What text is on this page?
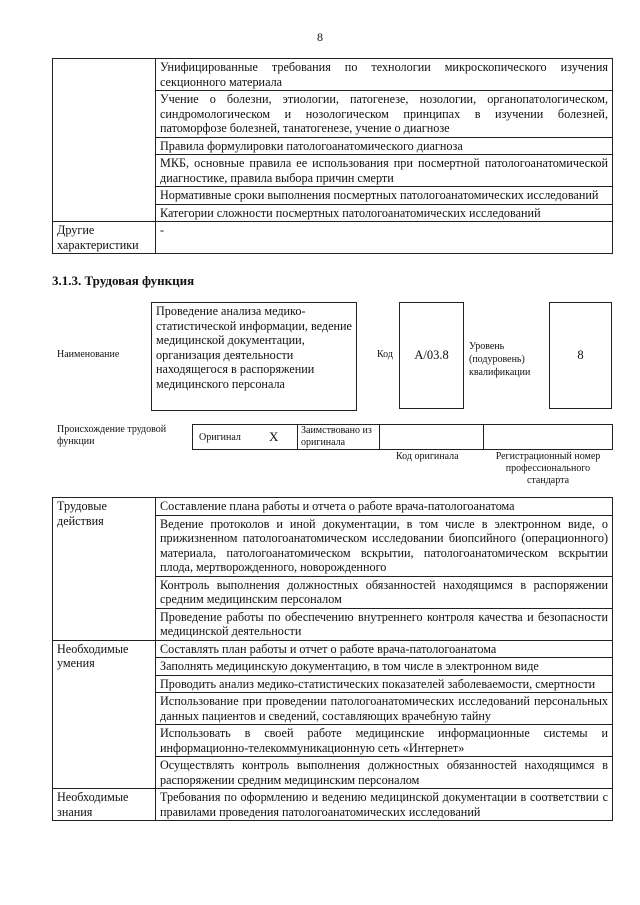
8
	Унифицированные требования по технологии микроскопического изучения секционного материала
	Учение о болезни, этиологии, патогенезе, нозологии, органопатологическом, синдромологическом и нозологическом принципах в изучении болезней, патоморфозе болезней, танатогенезе, учение о диагнозе
	Правила формулировки патологоанатомического диагноза
	МКБ, основные правила ее использования при посмертной патологоанатомической диагностике, правила выбора причин смерти
	Нормативные сроки выполнения посмертных патологоанатомических исследований
	Категории сложности посмертных патологоанатомических исследований
Другие характеристики	-
3.1.3. Трудовая функция
Наименование
Проведение анализа медико-статистической информации, ведение медицинской документации, организация деятельности находящегося в распоряжении медицинского персонала
Код A/03.8
Уровень (подуровень) квалификации
8
Происхождение трудовой функции	Оригинал X Заимствовано из оригинала
Код оригинала	Регистрационный номер профессионального стандарта
Трудовые действия	Составление плана работы и отчета о работе врача-патологоанатома
	Ведение протоколов и иной документации, в том числе в электронном виде, о прижизненном патологоанатомическом исследовании биопсийного (операционного) материала, патологоанатомическом вскрытии, патологоанатомическом вскрытии плода, мертворожденного, новорожденного
	Контроль выполнения должностных обязанностей находящимся в распоряжении средним медицинским персоналом
	Проведение работы по обеспечению внутреннего контроля качества и безопасности медицинской деятельности
Необходимые умения	Составлять план работы и отчет о работе врача-патологоанатома
	Заполнять медицинскую документацию, в том числе в электронном виде
	Проводить анализ медико-статистических показателей заболеваемости, смертности
	Использование при проведении патологоанатомических исследований персональных данных пациентов и сведений, составляющих врачебную тайну
	Использовать в своей работе медицинские информационные системы и информационно-телекоммуникационную сеть «Интернет»
	Осуществлять контроль выполнения должностных обязанностей находящимся в распоряжении средним медицинским персоналом
Необходимые знания	Требования по оформлению и ведению медицинской документации в соответствии с правилами проведения патологоанатомических исследований
